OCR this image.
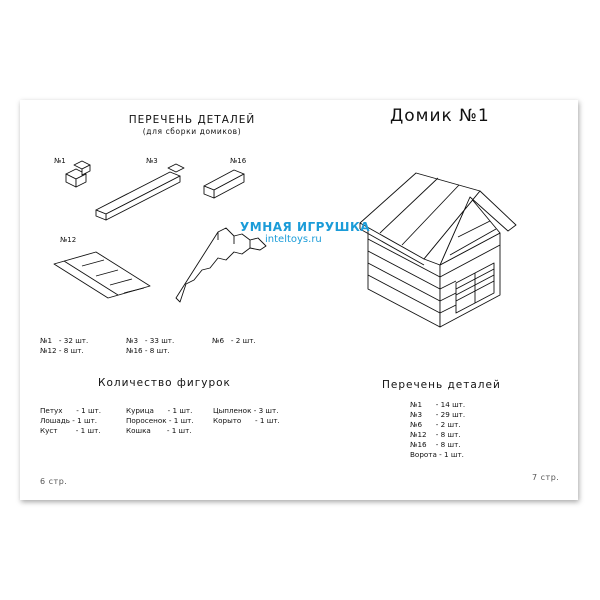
ПЕРЕЧЕНЬ ДЕТАЛЕЙ
(для сборки домиков)
№1	№3	№16
№12
№1   - 32 шт.	№3   - 33 шт.	№6   - 2 шт.
№12 - 8 шт.	№16 - 8 шт.
Количество фигурок
Петух      - 1 шт.	Курица      - 1 шт.	Цыпленок - 3 шт.
Лошадь - 1 шт.	Поросенок - 1 шт.	Корыто      - 1 шт.
Куст        - 1 шт.	Кошка       - 1 шт.
6 стр.
Домик №1
УМНАЯ ИГРУШКА
inteltoys.ru
Перечень деталей
№1      - 14 шт.
№3      - 29 шт.
№6      - 2 шт.
№12    - 8 шт.
№16    - 8 шт.
Ворота - 1 шт.
7 стр.
